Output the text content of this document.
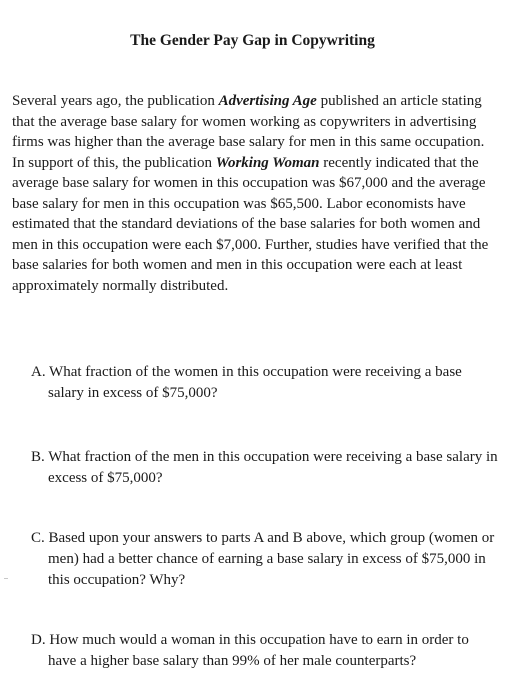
The Gender Pay Gap in Copywriting

Several years ago, the publication Advertising Age published an article stating that the average base salary for women working as copywriters in advertising firms was higher than the average base salary for men in this same occupation. In support of this, the publication Working Woman recently indicated that the average base salary for women in this occupation was $67,000 and the average base salary for men in this occupation was $65,500. Labor economists have estimated that the standard deviations of the base salaries for both women and men in this occupation were each $7,000. Further, studies have verified that the base salaries for both women and men in this occupation were each at least approximately normally distributed.

A. What fraction of the women in this occupation were receiving a base salary in excess of $75,000?

B. What fraction of the men in this occupation were receiving a base salary in excess of $75,000?

C. Based upon your answers to parts A and B above, which group (women or men) had a better chance of earning a base salary in excess of $75,000 in this occupation? Why?

D. How much would a woman in this occupation have to earn in order to have a higher base salary than 99% of her male counterparts?
